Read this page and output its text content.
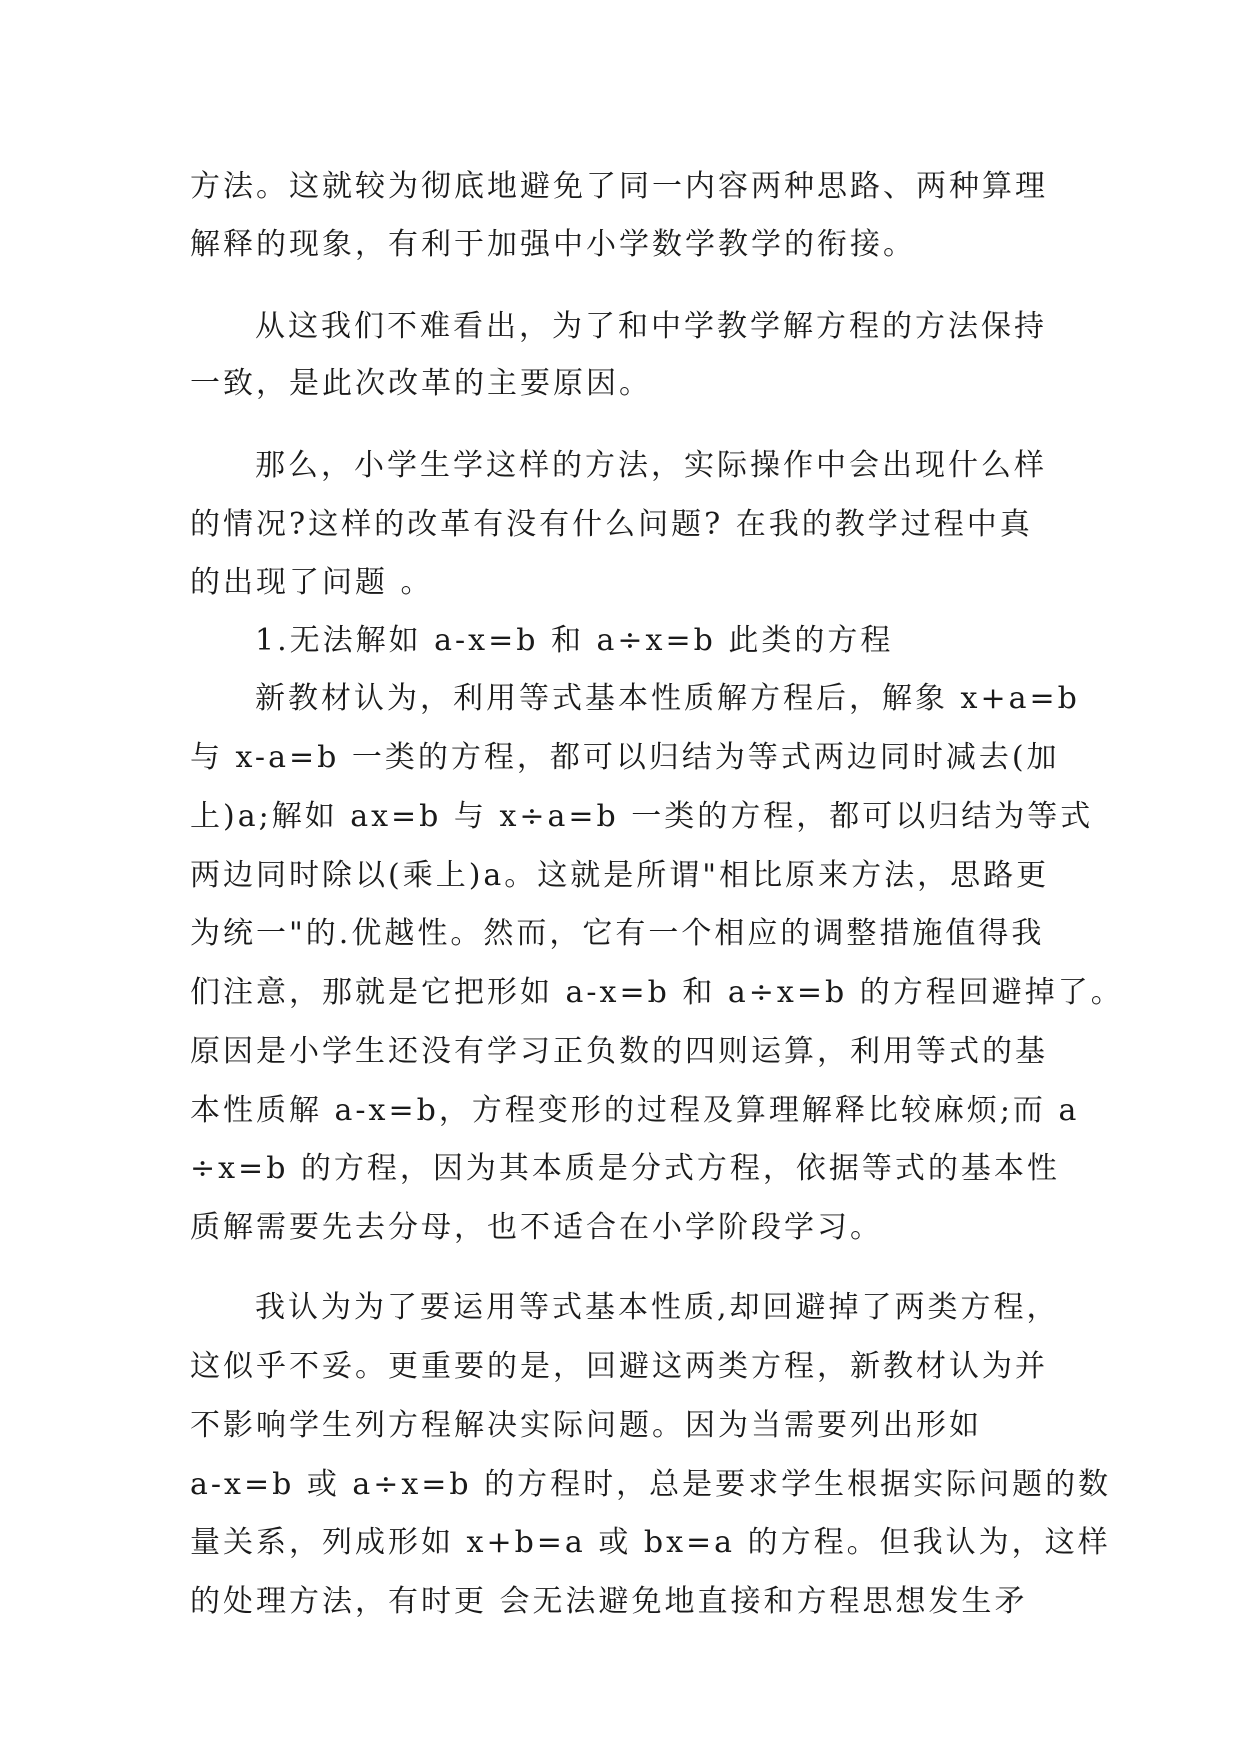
方法。这就较为彻底地避免了同一内容两种思路、两种算理
解释的现象，有利于加强中小学数学教学的衔接。
从这我们不难看出，为了和中学教学解方程的方法保持
一致，是此次改革的主要原因。
那么，小学生学这样的方法，实际操作中会出现什么样
的情况?这样的改革有没有什么问题? 在我的教学过程中真
的出现了问题 。
1.无法解如 a-x=b 和 a÷x=b 此类的方程
新教材认为，利用等式基本性质解方程后，解象 x+a=b
与 x-a=b 一类的方程，都可以归结为等式两边同时减去(加
上)a;解如 ax=b 与 x÷a=b 一类的方程，都可以归结为等式
两边同时除以(乘上)a。这就是所谓"相比原来方法，思路更
为统一"的.优越性。然而，它有一个相应的调整措施值得我
们注意，那就是它把形如 a-x=b 和 a÷x=b 的方程回避掉了。
原因是小学生还没有学习正负数的四则运算，利用等式的基
本性质解 a-x=b，方程变形的过程及算理解释比较麻烦;而 a
÷x=b 的方程，因为其本质是分式方程，依据等式的基本性
质解需要先去分母，也不适合在小学阶段学习。
我认为为了要运用等式基本性质,却回避掉了两类方程，
这似乎不妥。更重要的是，回避这两类方程，新教材认为并
不影响学生列方程解决实际问题。因为当需要列出形如
a-x=b 或 a÷x=b 的方程时，总是要求学生根据实际问题的数
量关系，列成形如 x+b=a 或 bx=a 的方程。但我认为，这样
的处理方法，有时更 会无法避免地直接和方程思想发生矛
